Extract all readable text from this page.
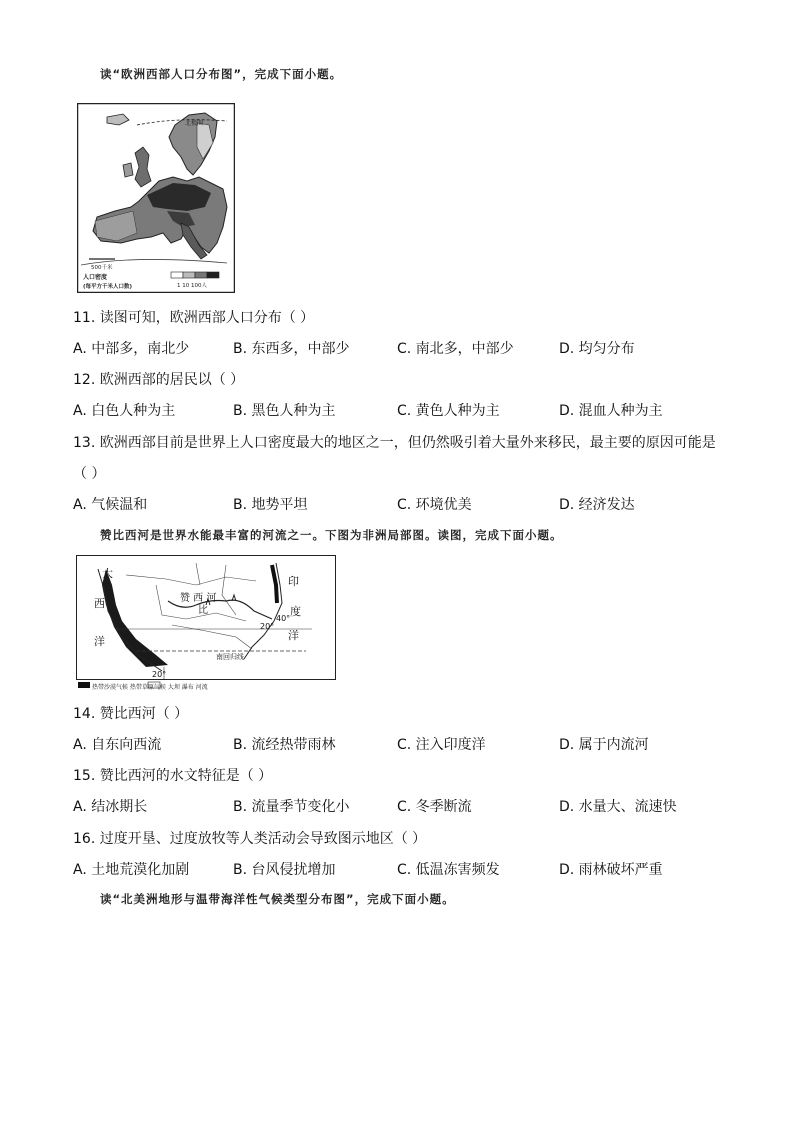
读“欧洲西部人口分布图”，完成下面小题。
北极圈
500千米
人口密度
(每平方千米人口数)	1 10 100人
11. 读图可知，欧洲西部人口分布（ ）
A. 中部多，南北少	B. 东西多，中部少	C. 南北多，中部少	D. 均匀分布
12. 欧洲西部的居民以（ ）
A. 白色人种为主	B. 黑色人种为主	C. 黄色人种为主	D. 混血人种为主
13. 欧洲西部目前是世界上人口密度最大的地区之一，但仍然吸引着大量外来移民，最主要的原因可能是
（ ）
A. 气候温和	B. 地势平坦	C. 环境优美	D. 经济发达
赞比西河是世界水能最丰富的河流之一。下图为非洲局部图。读图，完成下面小题。
大
西
洋
印
度
洋
赞 西 河
比
40°
20°
20°
南回归线
热带沙漠气候 热带草原气候 大坝 瀑布 河流
14. 赞比西河（ ）
A. 自东向西流	B. 流经热带雨林	C. 注入印度洋	D. 属于内流河
15. 赞比西河的水文特征是（ ）
A. 结冰期长	B. 流量季节变化小	C. 冬季断流	D. 水量大、流速快
16. 过度开垦、过度放牧等人类活动会导致图示地区（ ）
A. 土地荒漠化加剧	B. 台风侵扰增加	C. 低温冻害频发	D. 雨林破坏严重
读“北美洲地形与温带海洋性气候类型分布图”，完成下面小题。
